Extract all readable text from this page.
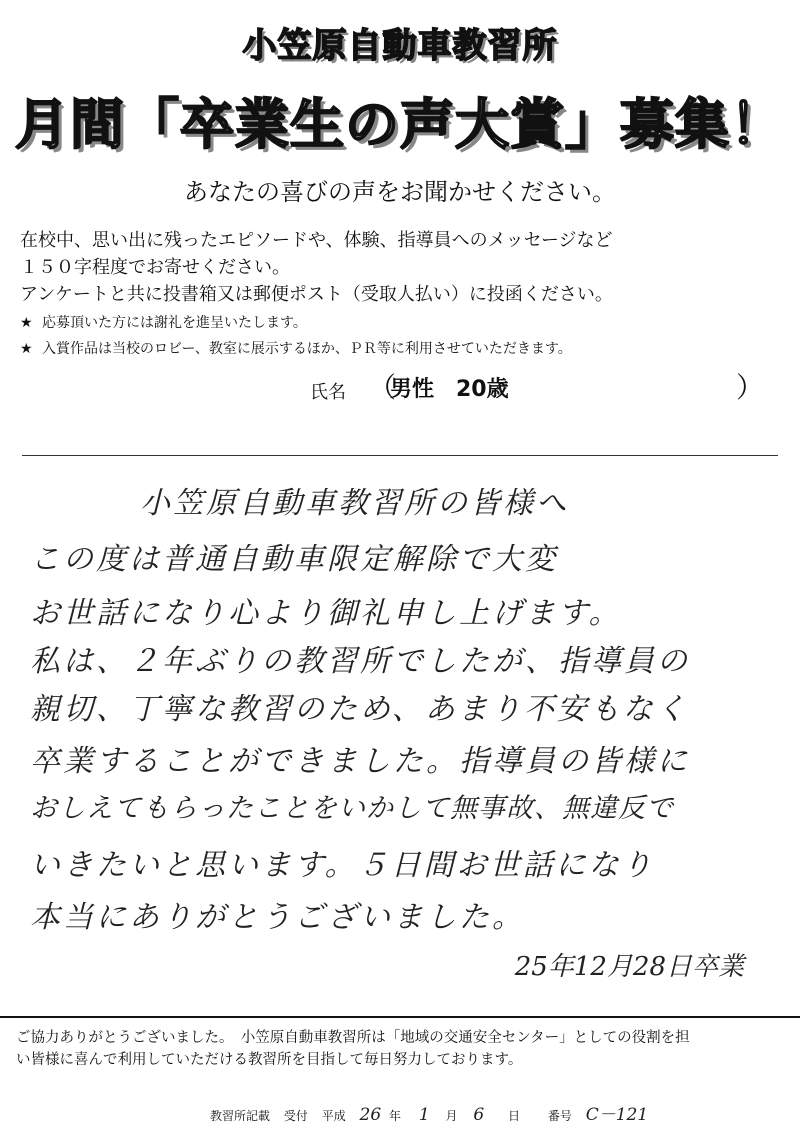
小笠原自動車教習所
月間「卒業生の声大賞」募集！
あなたの喜びの声をお聞かせください。
在校中、思い出に残ったエピソードや、体験、指導員へのメッセージなど
１５０字程度でお寄せください。
アンケートと共に投書箱又は郵便ポスト（受取人払い）に投函ください。
★ 応募頂いた方には謝礼を進呈いたします。
★ 入賞作品は当校のロビー、教室に展示するほか、ＰＲ等に利用させていただきます。
氏名 （
男性　20歳	）
小笠原自動車教習所の皆様へ
この度は普通自動車限定解除で大変
お世話になり心より御礼申し上げます。
私は、２年ぶりの教習所でしたが、指導員の
親切、丁寧な教習のため、あまり不安もなく
卒業することができました。指導員の皆様に
おしえてもらったことをいかして無事故、無違反で
いきたいと思います。５日間お世話になり
本当にありがとうございました。
25年12月28日卒業
ご協力ありがとうございました。　小笠原自動車教習所は「地域の交通安全センター」としての役割を担
い皆様に喜んで利用していただける教習所を目指して毎日努力しております。
教習所記載 受付 平成 26 年 1 月 6 日 番号 C－121
